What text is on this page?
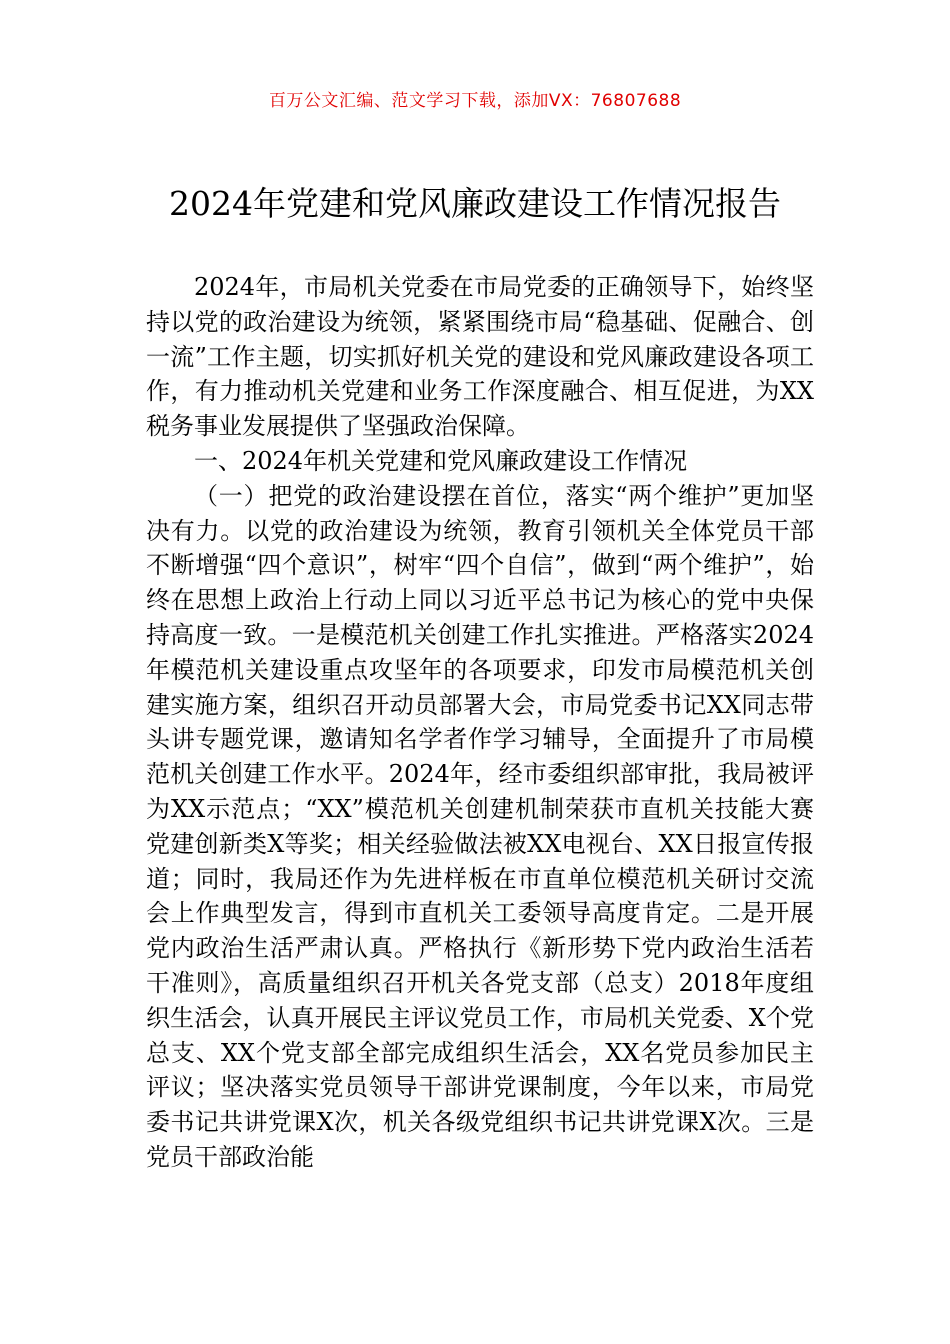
百万公文汇编、范文学习下载，添加VX：76807688
2024年党建和党风廉政建设工作情况报告

2024年，市局机关党委在市局党委的正确领导下，始终坚持以党的政治建设为统领，紧紧围绕市局“稳基础、促融合、创一流”工作主题，切实抓好机关党的建设和党风廉政建设各项工作，有力推动机关党建和业务工作深度融合、相互促进，为XX税务事业发展提供了坚强政治保障。

一、2024年机关党建和党风廉政建设工作情况

（一）把党的政治建设摆在首位，落实“两个维护”更加坚决有力。以党的政治建设为统领，教育引领机关全体党员干部不断增强“四个意识”，树牢“四个自信”，做到“两个维护”，始终在思想上政治上行动上同以习近平总书记为核心的党中央保持高度一致。一是模范机关创建工作扎实推进。严格落实2024年模范机关建设重点攻坚年的各项要求，印发市局模范机关创建实施方案，组织召开动员部署大会，市局党委书记XX同志带头讲专题党课，邀请知名学者作学习辅导，全面提升了市局模范机关创建工作水平。2024年，经市委组织部审批，我局被评为XX示范点；“XX”模范机关创建机制荣获市直机关技能大赛党建创新类X等奖；相关经验做法被XX电视台、XX日报宣传报道；同时，我局还作为先进样板在市直单位模范机关研讨交流会上作典型发言，得到市直机关工委领导高度肯定。二是开展党内政治生活严肃认真。严格执行《新形势下党内政治生活若干准则》，高质量组织召开机关各党支部（总支）2018年度组织生活会，认真开展民主评议党员工作，市局机关党委、X个党总支、XX个党支部全部完成组织生活会，XX名党员参加民主评议；坚决落实党员领导干部讲党课制度，今年以来，市局党委书记共讲党课X次，机关各级党组织书记共讲党课X次。三是党员干部政治能
